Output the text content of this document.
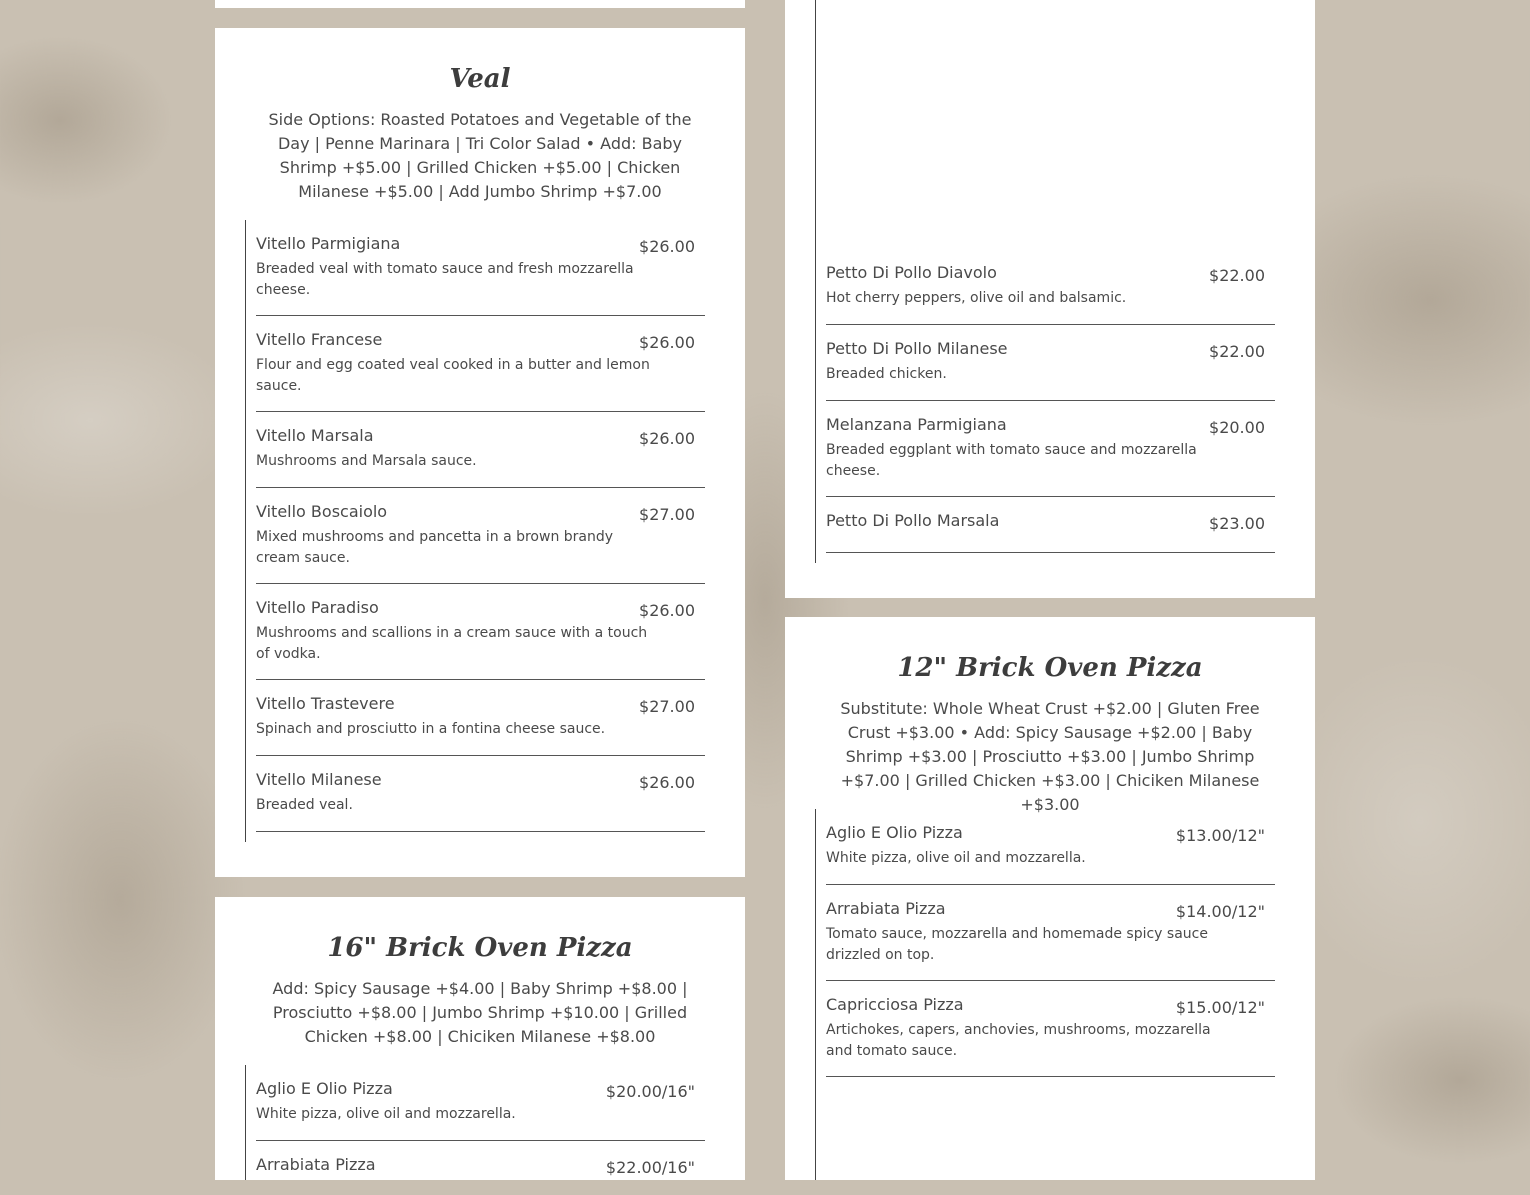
Veal

Side Options: Roasted Potatoes and Vegetable of the Day | Penne Marinara | Tri Color Salad • Add: Baby Shrimp +$5.00 | Grilled Chicken +$5.00 | Chicken Milanese +$5.00 | Add Jumbo Shrimp +$7.00

Vitello Parmigiana	$26.00
Breaded veal with tomato sauce and fresh mozzarella cheese.
Vitello Francese	$26.00
Flour and egg coated veal cooked in a butter and lemon sauce.
Vitello Marsala	$26.00
Mushrooms and Marsala sauce.
Vitello Boscaiolo	$27.00
Mixed mushrooms and pancetta in a brown brandy cream sauce.
Vitello Paradiso	$26.00
Mushrooms and scallions in a cream sauce with a touch of vodka.
Vitello Trastevere	$27.00
Spinach and prosciutto in a fontina cheese sauce.
Vitello Milanese	$26.00
Breaded veal.
16" Brick Oven Pizza

Add: Spicy Sausage +$4.00 | Baby Shrimp +$8.00 | Prosciutto +$8.00 | Jumbo Shrimp +$10.00 | Grilled Chicken +$8.00 | Chiciken Milanese +$8.00

Aglio E Olio Pizza	$20.00/16"
White pizza, olive oil and mozzarella.
Arrabiata Pizza	$22.00/16"
Petto Di Pollo Diavolo	$22.00
Hot cherry peppers, olive oil and balsamic.
Petto Di Pollo Milanese	$22.00
Breaded chicken.
Melanzana Parmigiana	$20.00
Breaded eggplant with tomato sauce and mozzarella cheese.
Petto Di Pollo Marsala	$23.00
12" Brick Oven Pizza

Substitute: Whole Wheat Crust +$2.00 | Gluten Free Crust +$3.00 • Add: Spicy Sausage +$2.00 | Baby Shrimp +$3.00 | Prosciutto +$3.00 | Jumbo Shrimp +$7.00 | Grilled Chicken +$3.00 | Chiciken Milanese +$3.00

Aglio E Olio Pizza	$13.00/12"
White pizza, olive oil and mozzarella.
Arrabiata Pizza	$14.00/12"
Tomato sauce, mozzarella and homemade spicy sauce drizzled on top.
Capricciosa Pizza	$15.00/12"
Artichokes, capers, anchovies, mushrooms, mozzarella and tomato sauce.
